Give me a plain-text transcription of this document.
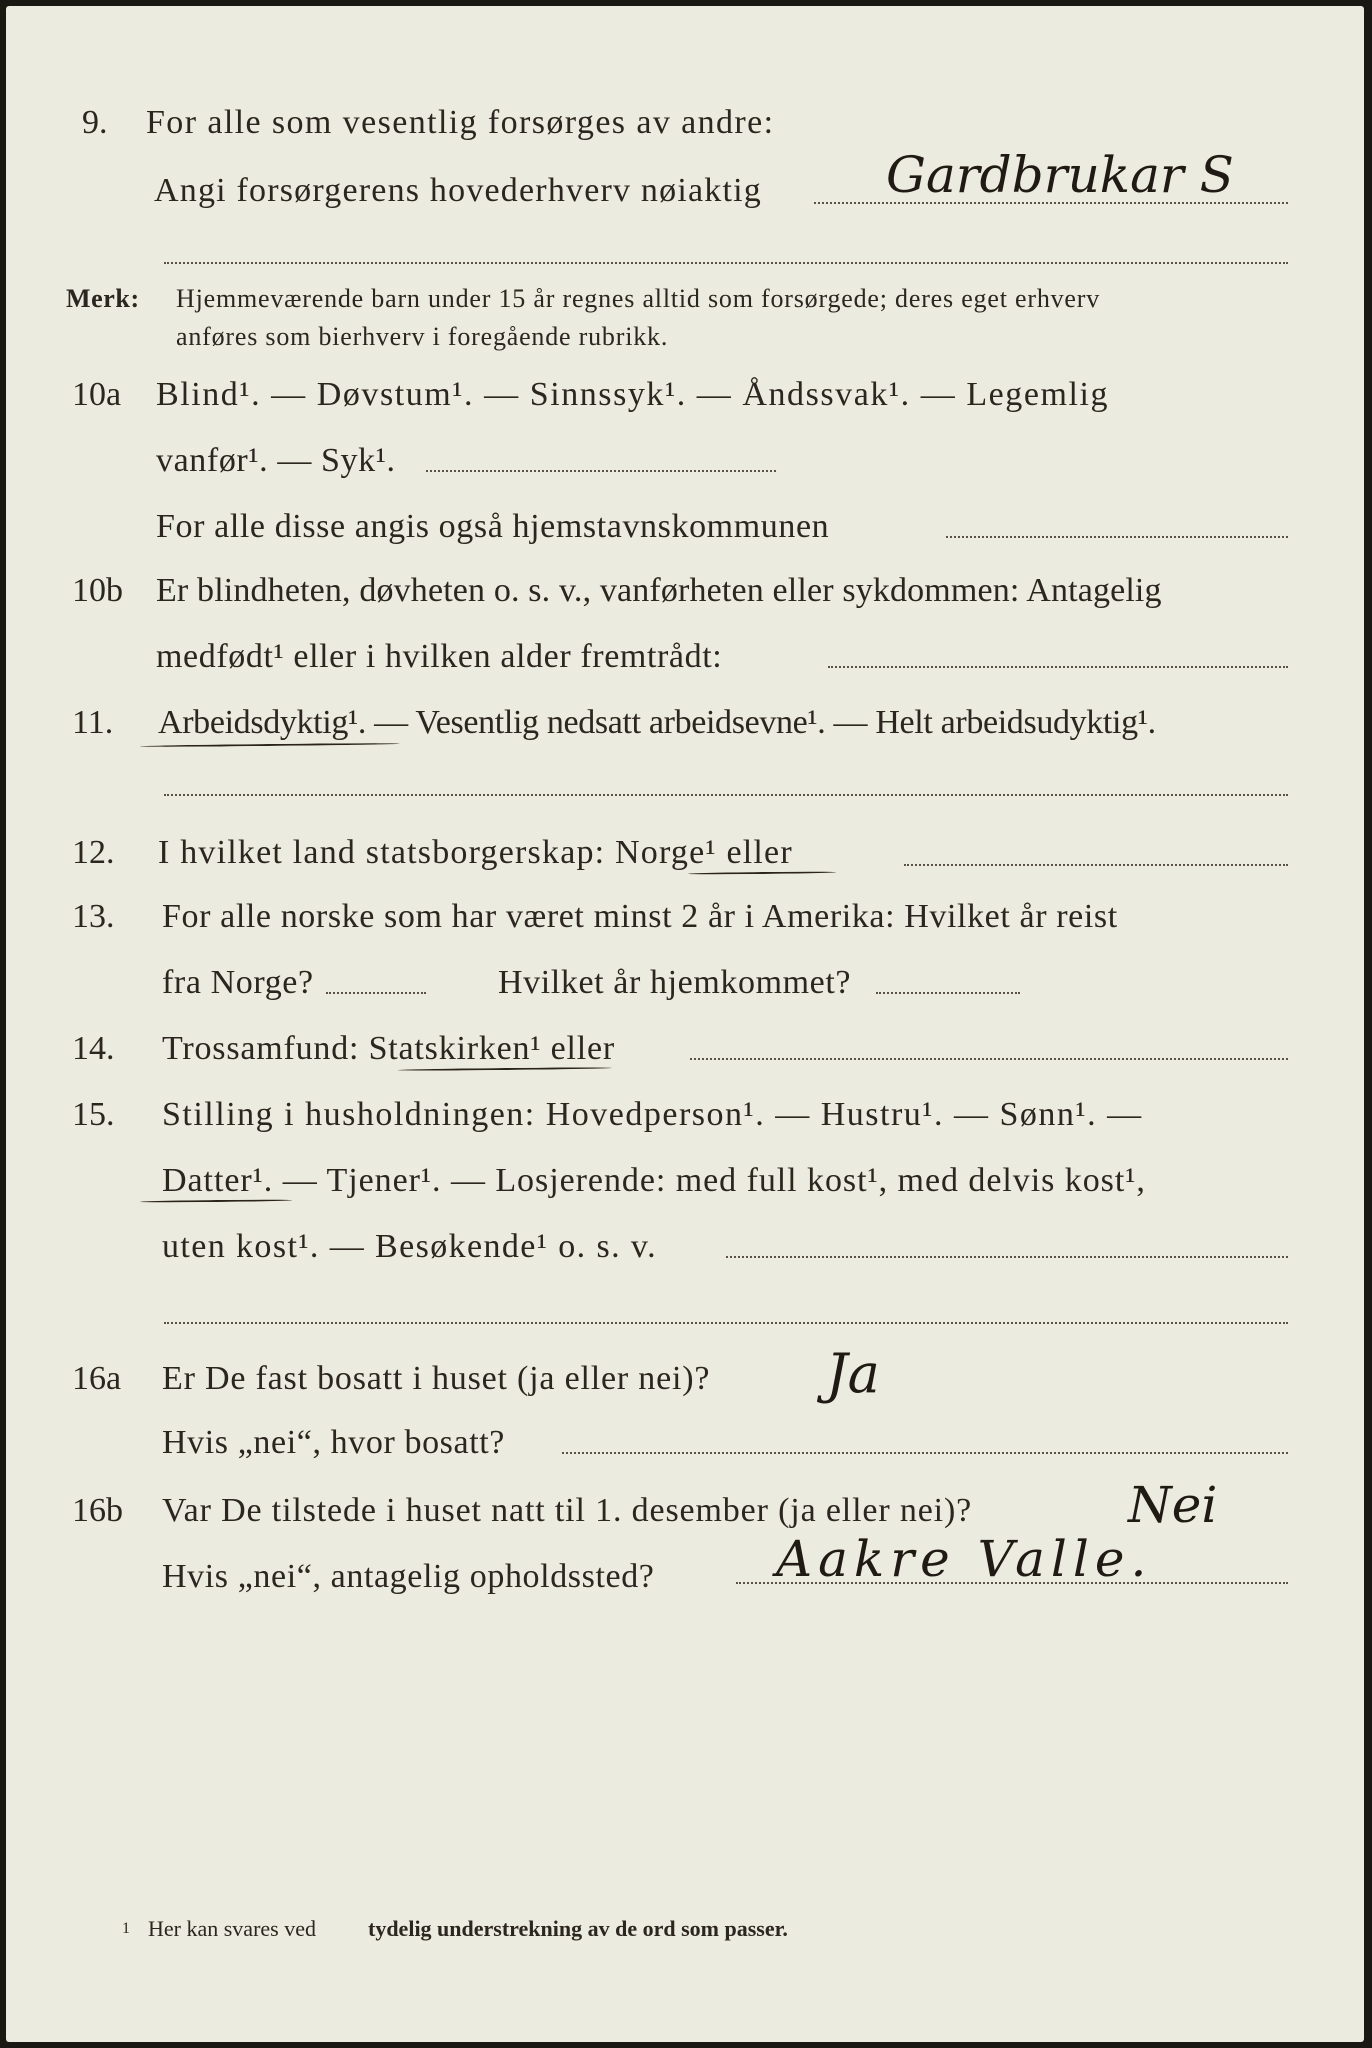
9. For alle som vesentlig forsørges av andre:
Angi forsørgerens hovederhverv nøiaktig Gardbrukar S
Merk: Hjemmeværende barn under 15 år regnes alltid som forsørgede; deres eget erhverv
anføres som bierhverv i foregående rubrikk.
10a Blind¹. — Døvstum¹. — Sinnssyk¹. — Åndssvak¹. — Legemlig
vanfør¹. — Syk¹.
For alle disse angis også hjemstavnskommunen
10b Er blindheten, døvheten o. s. v., vanførheten eller sykdommen: Antagelig
medfødt¹ eller i hvilken alder fremtrådt:
11. Arbeidsdyktig¹. — Vesentlig nedsatt arbeidsevne¹. — Helt arbeidsudyktig¹.
12. I hvilket land statsborgerskap: Norge¹ eller
13. For alle norske som har været minst 2 år i Amerika: Hvilket år reist
fra Norge?	Hvilket år hjemkommet?
14. Trossamfund: Statskirken¹ eller
15. Stilling i husholdningen: Hovedperson¹. — Hustru¹. — Sønn¹. —
Datter¹. — Tjener¹. — Losjerende: med full kost¹, med delvis kost¹,
uten kost¹. — Besøkende¹ o. s. v.
16a Er De fast bosatt i huset (ja eller nei)? Ja
Hvis „nei“, hvor bosatt?
16b Var De tilstede i huset natt til 1. desember (ja eller nei)?	Nei
Hvis „nei“, antagelig opholdssted? Aakre Valle.
1 Her kan svares ved tydelig understrekning av de ord som passer.
